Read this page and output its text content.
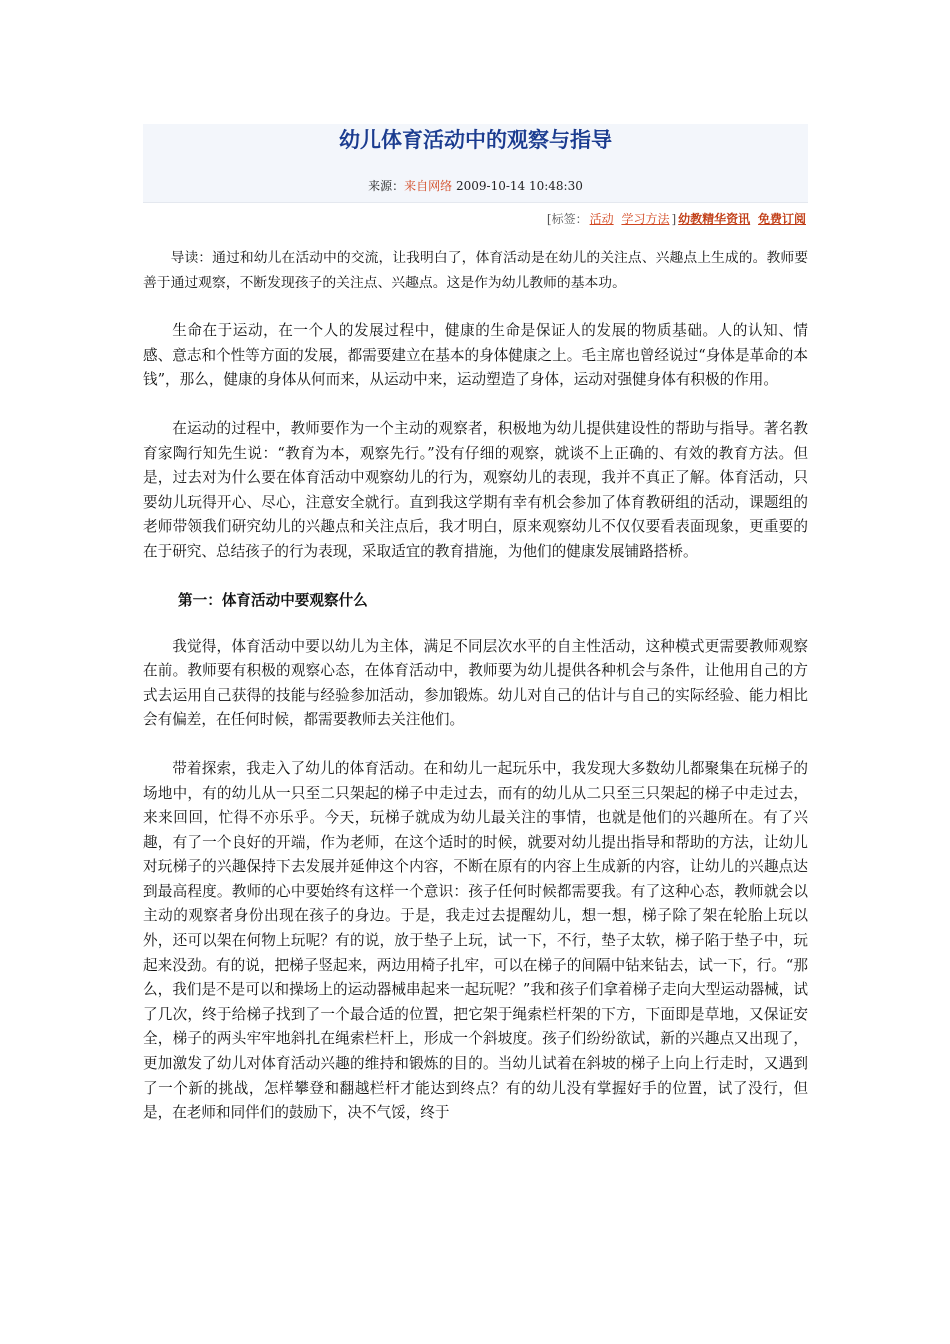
幼儿体育活动中的观察与指导
来源：来自网络 2009-10-14 10:48:30
[标签： 活动 学习方法 ] 幼教精华资讯 免费订阅

导读：通过和幼儿在活动中的交流，让我明白了，体育活动是在幼儿的关注点、兴趣点上生成的。教师要善于通过观察，不断发现孩子的关注点、兴趣点。这是作为幼儿教师的基本功。

生命在于运动，在一个人的发展过程中，健康的生命是保证人的发展的物质基础。人的认知、情感、意志和个性等方面的发展，都需要建立在基本的身体健康之上。毛主席也曾经说过“身体是革命的本钱”，那么，健康的身体从何而来，从运动中来，运动塑造了身体，运动对强健身体有积极的作用。

在运动的过程中，教师要作为一个主动的观察者，积极地为幼儿提供建设性的帮助与指导。著名教育家陶行知先生说：“教育为本，观察先行。”没有仔细的观察，就谈不上正确的、有效的教育方法。但是，过去对为什么要在体育活动中观察幼儿的行为，观察幼儿的表现，我并不真正了解。体育活动，只要幼儿玩得开心、尽心，注意安全就行。直到我这学期有幸有机会参加了体育教研组的活动，课题组的老师带领我们研究幼儿的兴趣点和关注点后，我才明白，原来观察幼儿不仅仅要看表面现象，更重要的在于研究、总结孩子的行为表现，采取适宜的教育措施，为他们的健康发展铺路搭桥。

第一：体育活动中要观察什么

我觉得，体育活动中要以幼儿为主体，满足不同层次水平的自主性活动，这种模式更需要教师观察在前。教师要有积极的观察心态，在体育活动中，教师要为幼儿提供各种机会与条件，让他用自己的方式去运用自己获得的技能与经验参加活动，参加锻炼。幼儿对自己的估计与自己的实际经验、能力相比会有偏差，在任何时候，都需要教师去关注他们。

带着探索，我走入了幼儿的体育活动。在和幼儿一起玩乐中，我发现大多数幼儿都聚集在玩梯子的场地中，有的幼儿从一只至二只架起的梯子中走过去，而有的幼儿从二只至三只架起的梯子中走过去，来来回回，忙得不亦乐乎。今天，玩梯子就成为幼儿最关注的事情，也就是他们的兴趣所在。有了兴趣，有了一个良好的开端，作为老师，在这个适时的时候，就要对幼儿提出指导和帮助的方法，让幼儿对玩梯子的兴趣保持下去发展并延伸这个内容，不断在原有的内容上生成新的内容，让幼儿的兴趣点达到最高程度。教师的心中要始终有这样一个意识：孩子任何时候都需要我。有了这种心态，教师就会以主动的观察者身份出现在孩子的身边。于是，我走过去提醒幼儿，想一想，梯子除了架在轮胎上玩以外，还可以架在何物上玩呢？有的说，放于垫子上玩，试一下，不行，垫子太软，梯子陷于垫子中，玩起来没劲。有的说，把梯子竖起来，两边用椅子扎牢，可以在梯子的间隔中钻来钻去，试一下，行。“那么，我们是不是可以和操场上的运动器械串起来一起玩呢？”我和孩子们拿着梯子走向大型运动器械，试了几次，终于给梯子找到了一个最合适的位置，把它架于绳索栏杆架的下方，下面即是草地，又保证安全，梯子的两头牢牢地斜扎在绳索栏杆上，形成一个斜坡度。孩子们纷纷欲试，新的兴趣点又出现了，更加激发了幼儿对体育活动兴趣的维持和锻炼的目的。当幼儿试着在斜坡的梯子上向上行走时，又遇到了一个新的挑战，怎样攀登和翻越栏杆才能达到终点？有的幼儿没有掌握好手的位置，试了没行，但是，在老师和同伴们的鼓励下，决不气馁，终于
